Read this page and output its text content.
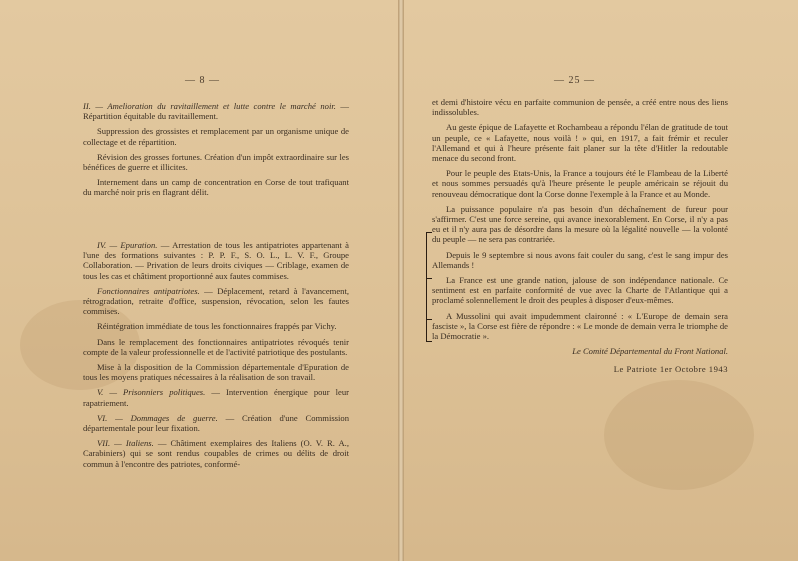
— 8 —

II. — Amelioration du ravitaillement et lutte contre le marché noir. — Répartition équitable du ravitaillement.

Suppression des grossistes et remplacement par un organisme unique de collectage et de répartition.

Révision des grosses fortunes. Création d'un impôt extraordinaire sur les bénéfices de guerre et illicites.

Internement dans un camp de concentration en Corse de tout trafiquant du marché noir pris en flagrant délit.

IV. — Epuration. — Arrestation de tous les antipatriotes appartenant à l'une des formations suivantes : P. P. F., S. O. L., L. V. F., Groupe Collaboration. — Privation de leurs droits civiques — Criblage, examen de tous les cas et châtiment proportionné aux fautes commises.

Fonctionnaires antipatriotes. — Déplacement, retard à l'avancement, rétrogradation, retraite d'office, suspension, révocation, selon les fautes commises.

Réintégration immédiate de tous les fonctionnaires frappés par Vichy.

Dans le remplacement des fonctionnaires antipatriotes révoqués tenir compte de la valeur professionnelle et de l'activité patriotique des postulants.

Mise à la disposition de la Commission départementale d'Epuration de tous les moyens pratiques nécessaires à la réalisation de son travail.

V. — Prisonniers politiques. — Intervention énergique pour leur rapatriement.

VI. — Dommages de guerre. — Création d'une Commission départementale pour leur fixation.

VII. — Italiens. — Châtiment exemplaires des Italiens (O. V. R. A., Carabiniers) qui se sont rendus coupables de crimes ou délits de droit commun à l'encontre des patriotes, conformé-

— 25 —

et demi d'histoire vécu en parfaite communion de pensée, a créé entre nous des liens indissolubles.

Au geste épique de Lafayette et Rochambeau a répondu l'élan de gratitude de tout un peuple, ce « Lafayette, nous voilà ! » qui, en 1917, a fait frémir et reculer l'Allemand et qui à l'heure présente fait planer sur la tête d'Hitler la redoutable menace du second front.

Pour le peuple des Etats-Unis, la France a toujours été le Flambeau de la Liberté et nous sommes persuadés qu'à l'heure présente le peuple américain se réjouit du renouveau démocratique dont la Corse donne l'exemple à la France et au Monde.

La puissance populaire n'a pas besoin d'un déchaînement de fureur pour s'affirmer. C'est une force sereine, qui avance inexorablement. En Corse, il n'y a pas eu et il n'y aura pas de désordre dans la mesure où la légalité nouvelle — la volonté du peuple — ne sera pas contrariée.

Depuis le 9 septembre si nous avons fait couler du sang, c'est le sang impur des Allemands !

La France est une grande nation, jalouse de son indépendance nationale. Ce sentiment est en parfaite conformité de vue avec la Charte de l'Atlantique qui a proclamé solennellement le droit des peuples à disposer d'eux-mêmes.

A Mussolini qui avait impudemment claironné : « L'Europe de demain sera fasciste », la Corse est fière de répondre : « Le monde de demain verra le triomphe de la Démocratie ».

Le Comité Départemental du Front National.

Le Patriote 1er Octobre 1943
